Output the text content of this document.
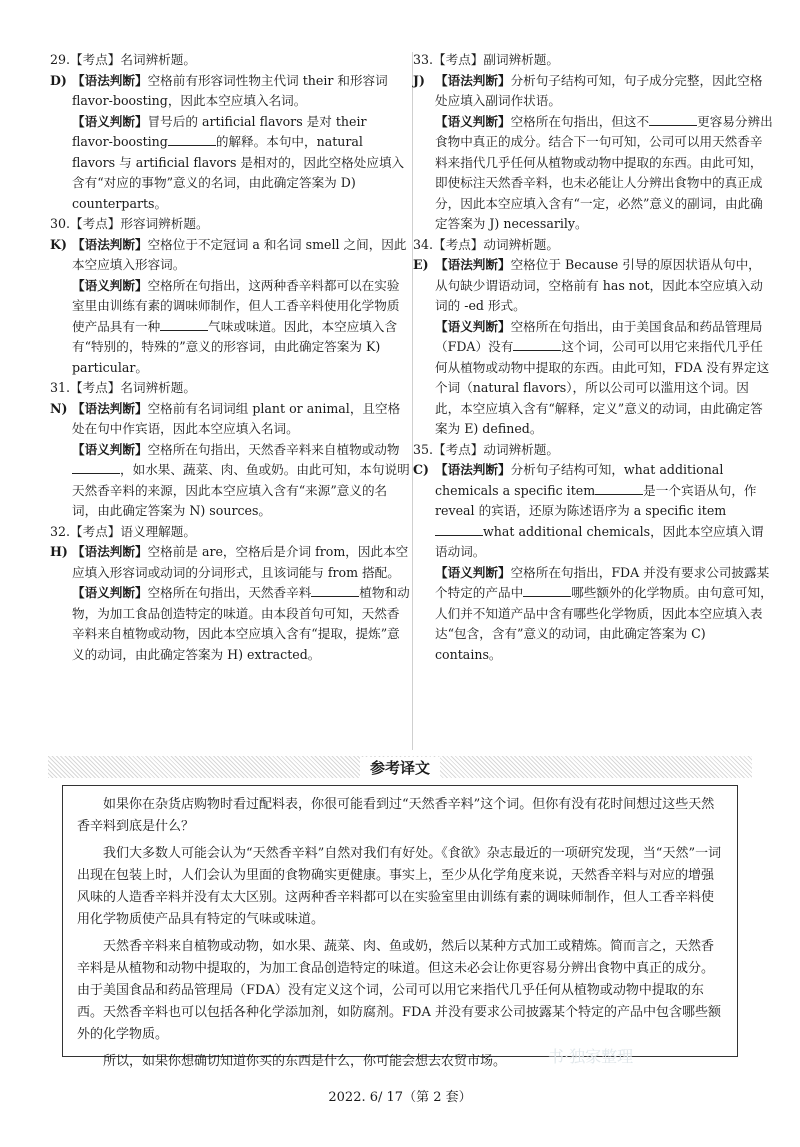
29.【考点】名词辨析题。
D) 【语法判断】空格前有形容词性物主代词 their 和形容词 flavor-boosting，因此本空应填入名词。
【语义判断】冒号后的 artificial flavors 是对 their flavor-boosting	的解释。本句中，natural flavors 与 artificial flavors 是相对的，因此空格处应填入含有“对应的事物”意义的名词，由此确定答案为 D) counterparts。
30.【考点】形容词辨析题。
K) 【语法判断】空格位于不定冠词 a 和名词 smell 之间，因此本空应填入形容词。
【语义判断】空格所在句指出，这两种香辛料都可以在实验室里由训练有素的调味师制作，但人工香辛料使用化学物质使产品具有一种	气味或味道。因此，本空应填入含有“特别的，特殊的”意义的形容词，由此确定答案为 K) particular。
31.【考点】名词辨析题。
N) 【语法判断】空格前有名词词组 plant or animal，且空格处在句中作宾语，因此本空应填入名词。
【语义判断】空格所在句指出，天然香辛料来自植物或动物，如水果、蔬菜、肉、鱼或奶。由此可知，本句说明天然香辛料的来源，因此本空应填入含有“来源”意义的名词，由此确定答案为 N) sources。
32.【考点】语义理解题。
H) 【语法判断】空格前是 are，空格后是介词 from，因此本空应填入形容词或动词的分词形式，且该词能与 from 搭配。
【语义判断】空格所在句指出，天然香辛料	植物和动物，为加工食品创造特定的味道。由本段首句可知，天然香辛料来自植物或动物，因此本空应填入含有“提取，提炼”意义的动词，由此确定答案为 H) extracted。
33.【考点】副词辨析题。
J) 【语法判断】分析句子结构可知，句子成分完整，因此空格处应填入副词作状语。
【语义判断】空格所在句指出，但这不	更容易分辨出食物中真正的成分。结合下一句可知，公司可以用天然香辛料来指代几乎任何从植物或动物中提取的东西。由此可知，即使标注天然香辛料，也未必能让人分辨出食物中的真正成分，因此本空应填入含有“一定，必然”意义的副词，由此确定答案为 J) necessarily。
34.【考点】动词辨析题。
E) 【语法判断】空格位于 Because 引导的原因状语从句中，从句缺少谓语动词，空格前有 has not，因此本空应填入动词的 -ed 形式。
【语义判断】空格所在句指出，由于美国食品和药品管理局（FDA）没有	这个词，公司可以用它来指代几乎任何从植物或动物中提取的东西。由此可知，FDA 没有界定这个词（natural flavors），所以公司可以滥用这个词。因此，本空应填入含有“解释，定义”意义的动词，由此确定答案为 E) defined。
35.【考点】动词辨析题。
C) 【语法判断】分析句子结构可知，what additional chemicals a specific item	是一个宾语从句，作 reveal 的宾语，还原为陈述语序为 a specific itemwhat additional chemicals，因此本空应填入谓语动词。
【语义判断】空格所在句指出，FDA 并没有要求公司披露某个特定的产品中	哪些额外的化学物质。由句意可知，人们并不知道产品中含有哪些化学物质，因此本空应填入表达“包含，含有”意义的动词，由此确定答案为 C) contains。
参考译文

如果你在杂货店购物时看过配料表，你很可能看到过“天然香辛料”这个词。但你有没有花时间想过这些天然香辛料到底是什么？

我们大多数人可能会认为“天然香辛料”自然对我们有好处。《食欲》杂志最近的一项研究发现，当“天然”一词出现在包装上时，人们会认为里面的食物确实更健康。事实上，至少从化学角度来说，天然香辛料与对应的增强风味的人造香辛料并没有太大区别。这两种香辛料都可以在实验室里由训练有素的调味师制作，但人工香辛料使用化学物质使产品具有特定的气味或味道。

天然香辛料来自植物或动物，如水果、蔬菜、肉、鱼或奶，然后以某种方式加工或精炼。简而言之，天然香辛料是从植物和动物中提取的，为加工食品创造特定的味道。但这未必会让你更容易分辨出食物中真正的成分。由于美国食品和药品管理局（FDA）没有定义这个词，公司可以用它来指代几乎任何从植物或动物中提取的东西。天然香辛料也可以包括各种化学添加剂，如防腐剂。FDA 并没有要求公司披露某个特定的产品中包含哪些额外的化学物质。

所以，如果你想确切知道你买的东西是什么，你可能会想去农贸市场。	书·独家整理
2022. 6/ 17（第 2 套）
